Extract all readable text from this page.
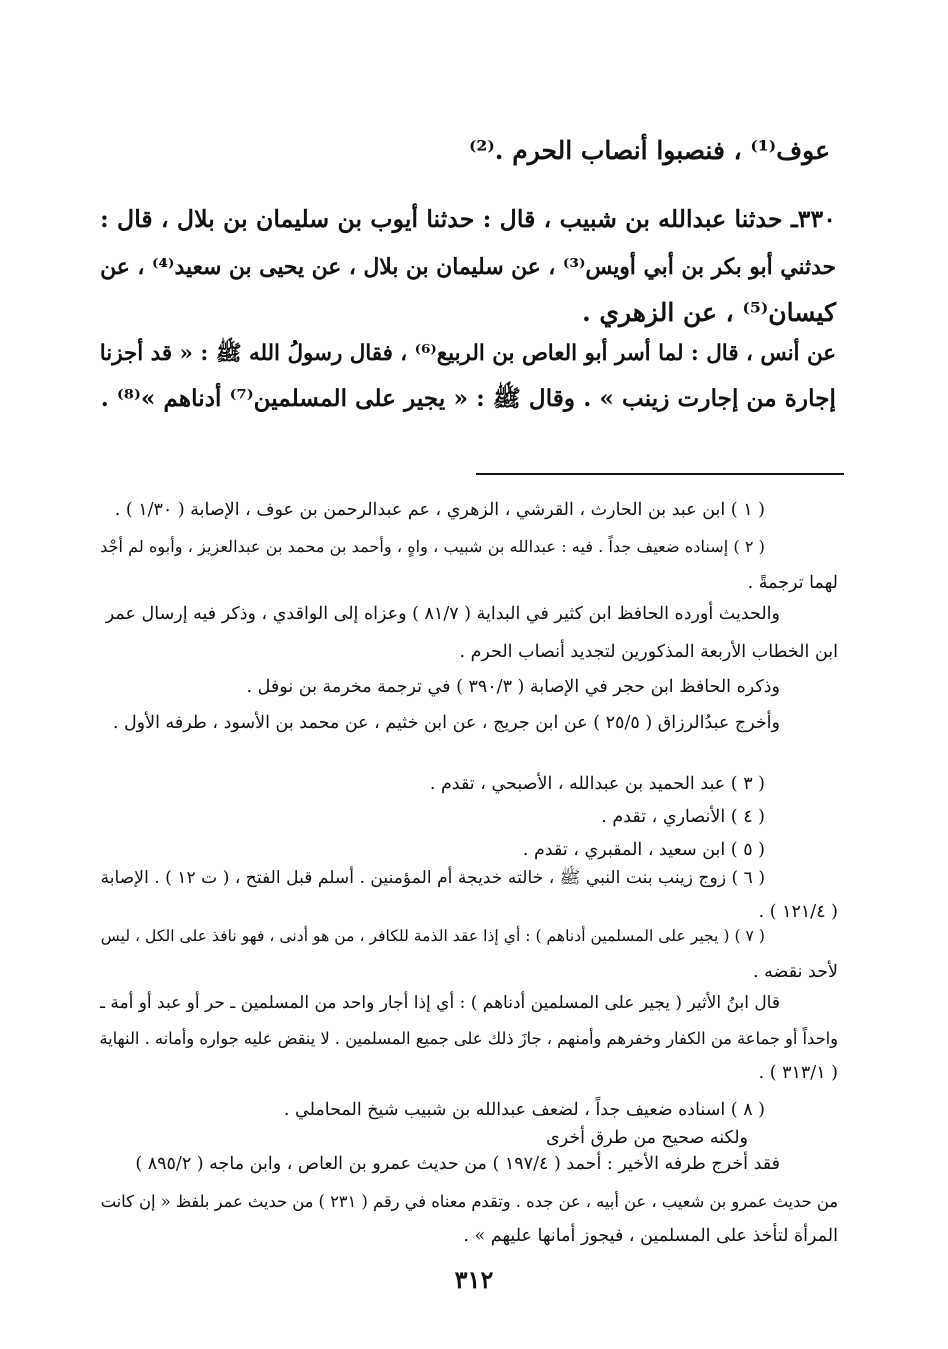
عوف⁽¹⁾ ، فنصبوا أنصاب الحرم .⁽²⁾
٣٣٠ـ حدثنا عبدالله بن شبيب ، قال : حدثنا أيوب بن سليمان بن بلال ، قال :
حدثني أبو بكر بن أبي أويس⁽³⁾ ، عن سليمان بن بلال ، عن يحيى بن سعيد⁽⁴⁾ ، عن
كيسان⁽⁵⁾ ، عن الزهري .
عن أنس ، قال : لما أسر أبو العاص بن الربيع⁽⁶⁾ ، فقال رسولُ الله ﷺ : « قد أجزنا
إجارة من إجارت زينب » . وقال ﷺ : « يجير على المسلمين⁽⁷⁾ أدناهم »⁽⁸⁾ .
( ١ ) ابن عبد بن الحارث ، القرشي ، الزهري ، عم عبدالرحمن بن عوف ، الإصابة ( ١/٣٠ ) .
( ٢ ) إسناده ضعيف جداً . فيه : عبدالله بن شبيب ، واهٍ ، وأحمد بن محمد بن عبدالعزيز ، وأبوه لم أجْد
لهما ترجمةً .
والحديث أورده الحافظ ابن كثير في البداية ( ٨١/٧ ) وعزاه إلى الواقدي ، وذكر فيه إرسال عمر
ابن الخطاب الأربعة المذكورين لتجديد أنصاب الحرم .
وذكره الحافظ ابن حجر في الإصابة ( ٣٩٠/٣ ) في ترجمة مخرمة بن نوفل .
وأخرج عبدُالرزاق ( ٢٥/٥ ) عن ابن جريج ، عن ابن خثيم ، عن محمد بن الأسود ، طرفه الأول .
( ٣ ) عبد الحميد بن عبدالله ، الأصبحي ، تقدم .
( ٤ ) الأنصاري ، تقدم .
( ٥ ) ابن سعيد ، المقبري ، تقدم .
( ٦ ) زوج زينب بنت النبي ﷺ ، خالته خديجة أم المؤمنين . أسلم قبل الفتح ، ( ت ١٢ ) . الإصابة
( ١٢١/٤ ) .
( ٧ ) ( يجير على المسلمين أدناهم ) : أي إذا عقد الذمة للكافر ، من هو أدنى ، فهو نافذ على الكل ، ليس
لأحد نقضه .
قال ابنُ الأثير ( يجير على المسلمين أدناهم ) : أي إذا أجار واحد من المسلمين ـ حر أو عبد أو أمة ـ
واحداً أو جماعة من الكفار وخفرهم وأمنهم ، جازَ ذلك على جميع المسلمين . لا ينقض عليه جواره وأمانه . النهاية
( ٣١٣/١ ) .
( ٨ ) اسناده ضعيف جداً ، لضعف عبدالله بن شبيب شيخ المحاملي .
ولكنه صحيح من طرق أخرى
فقد أخرج طرفه الأخير : أحمد ( ١٩٧/٤ ) من حديث عمرو بن العاص ، وابن ماجه ( ٨٩٥/٢ )
من حديث عمرو بن شعيب ، عن أبيه ، عن جده . وتقدم معناه في رقم ( ٢٣١ ) من حديث عمر بلفظ « إن كانت
المرأة لتأخذ على المسلمين ، فيجوز أمانها عليهم » .
٣١٢
